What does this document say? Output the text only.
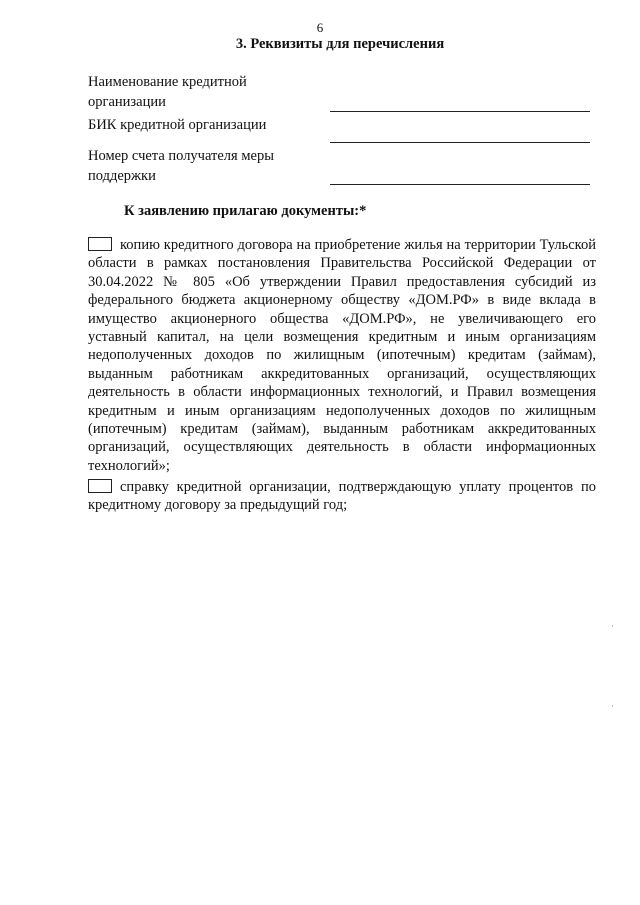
6
3. Реквизиты для перечисления
Наименование кредитной организации
БИК кредитной организации
Номер счета получателя меры поддержки
К заявлению прилагаю документы:*
копию кредитного договора на приобретение жилья на территории Тульской области в рамках постановления Правительства Российской Федерации от 30.04.2022 № 805 «Об утверждении Правил предоставления субсидий из федерального бюджета акционерному обществу «ДОМ.РФ» в виде вклада в имущество акционерного общества «ДОМ.РФ», не увеличивающего его уставный капитал, на цели возмещения кредитным и иным организациям недополученных доходов по жилищным (ипотечным) кредитам (займам), выданным работникам аккредитованных организаций, осуществляющих деятельность в области информационных технологий, и Правил возмещения кредитным и иным организациям недополученных доходов по жилищным (ипотечным) кредитам (займам), выданным работникам аккредитованных организаций, осуществляющих деятельность в области информационных технологий»;
справку кредитной организации, подтверждающую уплату процентов по кредитному договору за предыдущий год;
